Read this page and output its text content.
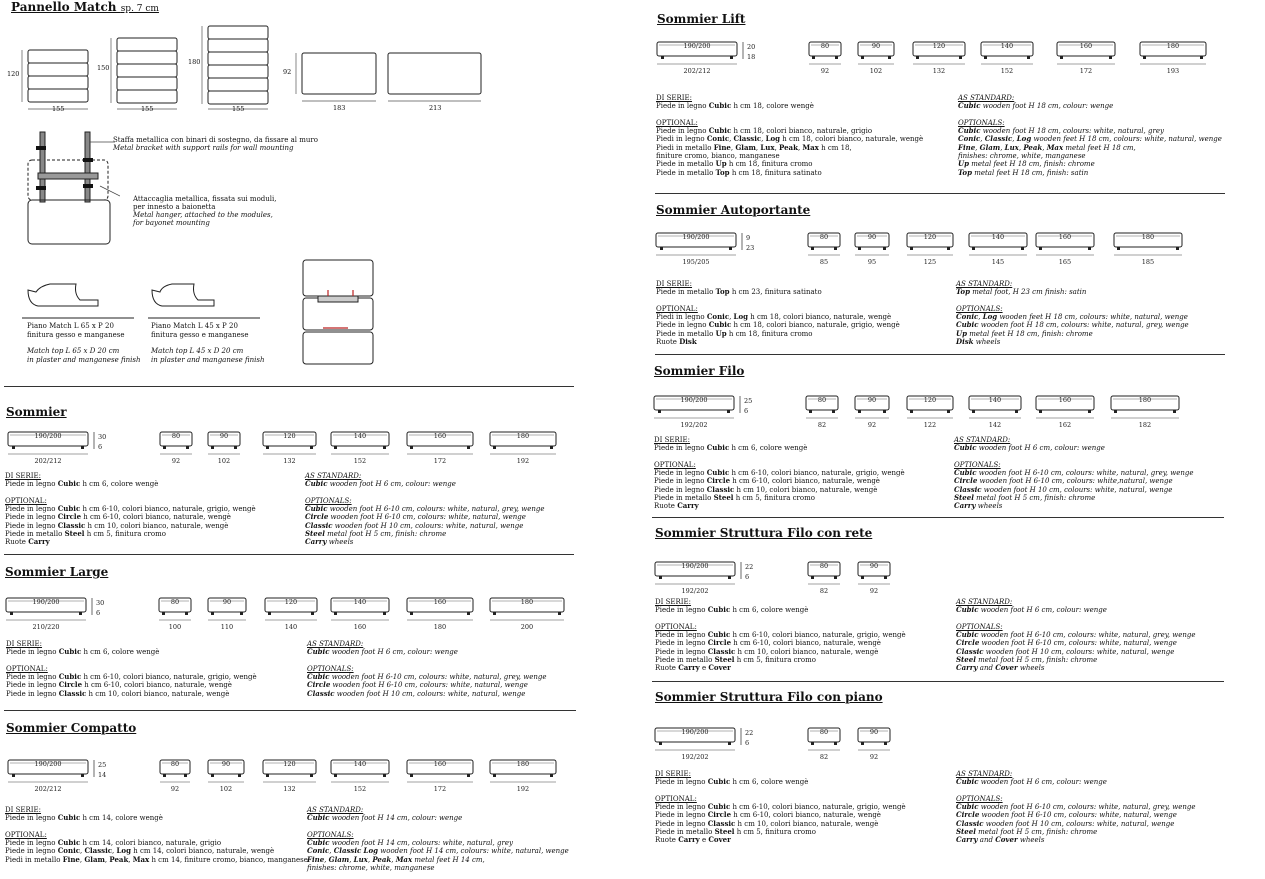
Pannello Match sp. 7 cm
120
150
180
92
155	155	155	183	213
Staffa metallica con binari di sostegno, da fissare al muro
Metal bracket with support rails for wall mounting
Attaccaglia metallica, fissata sui moduli,
per innesto a baionetta
Metal hanger, attached to the modules,
for bayonet mounting
Piano Match L 65 x P 20
finitura gesso e manganese
Match top L 65 x D 20 cm
in plaster and manganese finish
Piano Match L 45 x P 20
finitura gesso e manganese
Match top L 45 x D 20 cm
in plaster and manganese finish
Sommier
190/200
202/212
30
6
80
92
90
102
120
132
140
152
160
172
180
192
DI SERIE:
Piede in legno Cubic h cm 6, colore wengè
OPTIONAL:
Piede in legno Cubic h cm 6-10, colori bianco, naturale, grigio, wengè
Piede in legno Circle h cm 6-10, colori bianco, naturale, wengè
Piede in legno Classic h cm 10, colori bianco, naturale, wengè
Piede in metallo Steel h cm 5, finitura cromo
Ruote Carry
AS STANDARD:
Cubic wooden foot H 6 cm, colour: wenge
OPTIONALS:
Cubic wooden foot H 6-10 cm, colours: white, natural, grey, wenge
Circle wooden foot H 6-10 cm, colours: white, natural, wenge
Classic wooden foot H 10 cm, colours: white, natural, wenge
Steel metal foot H 5 cm, finish: chrome
Carry wheels
Sommier Large
190/200
210/220
30
6
80
100
90
110
120
140
140
160
160
180
180
200
DI SERIE:
Piede in legno Cubic h cm 6, colore wengè
OPTIONAL:
Piede in legno Cubic h cm 6-10, colori bianco, naturale, grigio, wengè
Piede in legno Circle h cm 6-10, colori bianco, naturale, wengè
Piede in legno Classic h cm 10, colori bianco, naturale, wengè
AS STANDARD:
Cubic wooden foot H 6 cm, colour: wenge
OPTIONALS:
Cubic wooden foot H 6-10 cm, colours: white, natural, grey, wenge
Circle wooden foot H 6-10 cm, colours: white, natural, wenge
Classic wooden foot H 10 cm, colours: white, natural, wenge
Sommier Compatto
190/200
202/212
25
14
80
92
90
102
120
132
140
152
160
172
180
192
DI SERIE:
Piede in legno Cubic h cm 14, colore wengè
OPTIONAL:
Piede in legno Cubic h cm 14, colori bianco, naturale, grigio
Piede in legno Conic, Classic, Log h cm 14, colori bianco, naturale, wengè
Piedi in metallo Fine, Glam, Peak, Max h cm 14, finiture cromo, bianco, manganese
AS STANDARD:
Cubic wooden foot H 14 cm, colour: wenge
OPTIONALS:
Cubic wooden foot H 14 cm, colours: white, natural, grey
Conic, Classic Log wooden foot H 14 cm, colours: white, natural, wenge
Fine, Glam, Lux, Peak, Max metal feet H 14 cm,
finishes: chrome, white, manganese
Sommier Lift
190/200
202/212
20
18
80
92
90
102
120
132
140
152
160
172
180
193
DI SERIE:
Piede in legno Cubic h cm 18, colore wengè
OPTIONAL:
Piede in legno Cubic h cm 18, colori bianco, naturale, grigio
Piedi in legno Conic, Classic, Log h cm 18, colori bianco, naturale, wengè
Piedi in metallo Fine, Glam, Lux, Peak, Max h cm 18,
finiture cromo, bianco, manganese
Piede in metallo Up h cm 18, finitura cromo
Piede in metallo Top h cm 18, finitura satinato
AS STANDARD:
Cubic wooden foot H 18 cm, colour: wenge
OPTIONALS:
Cubic wooden foot H 18 cm, colours: white, natural, grey
Conic, Classic, Log wooden feet H 18 cm, colours: white, natural, wenge
Fine, Glam, Lux, Peak, Max metal feet H 18 cm,
finishes: chrome, white, manganese
Up metal feet H 18 cm, finish: chrome
Top metal feet H 18 cm, finish: satin
Sommier Autoportante
190/200
195/205
9
23
80
85
90
95
120
125
140
145
160
165
180
185
DI SERIE:
Piede in metallo Top h cm 23, finitura satinato
OPTIONAL:
Piedi in legno Conic, Log h cm 18, colori bianco, naturale, wengè
Piede in legno Cubic h cm 18, colori bianco, naturale, grigio, wengè
Piede in metallo Up h cm 18, finitura cromo
Ruote Disk
AS STANDARD:
Top metal foot, H 23 cm finish: satin
OPTIONALS:
Conic, Log wooden feet H 18 cm, colours: white, natural, wenge
Cubic wooden foot H 18 cm, colours: white, natural, grey, wenge
Up metal feet H 18 cm, finish: chrome
Disk wheels
Sommier Filo
190/200
192/202
25
6
80
82
90
92
120
122
140
142
160
162
180
182
DI SERIE:
Piede in legno Cubic h cm 6, colore wengè
OPTIONAL:
Piede in legno Cubic h cm 6-10, colori bianco, naturale, grigio, wengè
Piede in legno Circle h cm 6-10, colori bianco, naturale, wengè
Piede in legno Classic h cm 10, colori bianco, naturale, wengè
Piede in metallo Steel h cm 5, finitura cromo
Ruote Carry
AS STANDARD:
Cubic wooden foot H 6 cm, colour: wenge
OPTIONALS:
Cubic wooden foot H 6-10 cm, colours: white, natural, grey, wenge
Circle wooden foot H 6-10 cm, colours: white,natural, wenge
Classic wooden foot H 10 cm, colours: white, natural, wenge
Steel metal foot H 5 cm, finish: chrome
Carry wheels
Sommier Struttura Filo con rete
190/200
192/202
22
6
80
82
90
92
DI SERIE:
Piede in legno Cubic h cm 6, colore wengè
OPTIONAL:
Piede in legno Cubic h cm 6-10, colori bianco, naturale, grigio, wengè
Piede in legno Circle h cm 6-10, colori bianco, naturale, wengè
Piede in legno Classic h cm 10, colori bianco, naturale, wengè
Piede in metallo Steel h cm 5, finitura cromo
Ruote Carry e Cover
AS STANDARD:
Cubic wooden foot H 6 cm, colour: wenge
OPTIONALS:
Cubic wooden foot H 6-10 cm, colours: white, natural, grey, wenge
Circle wooden foot H 6-10 cm, colours: white, natural, wenge
Classic wooden foot H 10 cm, colours: white, natural, wenge
Steel metal foot H 5 cm, finish: chrome
Carry and Cover wheels
Sommier Struttura Filo con piano
190/200
192/202
22
6
80
82
90
92
DI SERIE:
Piede in legno Cubic h cm 6, colore wengè
OPTIONAL:
Piede in legno Cubic h cm 6-10, colori bianco, naturale, grigio, wengè
Piede in legno Circle h cm 6-10, colori bianco, naturale, wengè
Piede in legno Classic h cm 10, colori bianco, naturale, wengè
Piede in metallo Steel h cm 5, finitura cromo
Ruote Carry e Cover
AS STANDARD:
Cubic wooden foot H 6 cm, colour: wenge
OPTIONALS:
Cubic wooden foot H 6-10 cm, colours: white, natural, grey, wenge
Circle wooden foot H 6-10 cm, colours: white, natural, wenge
Classic wooden foot H 10 cm, colours: white, natural, wenge
Steel metal foot H 5 cm, finish: chrome
Carry and Cover wheels
